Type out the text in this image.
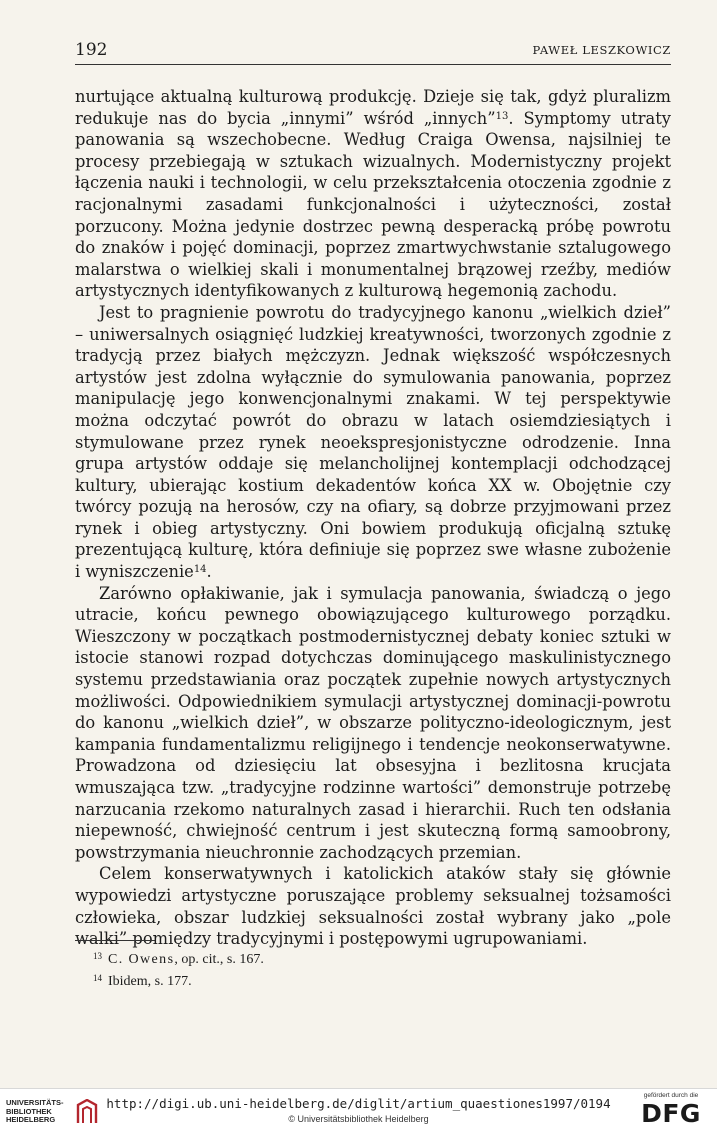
192	PAWEŁ LESZKOWICZ

nurtujące aktualną kulturową produkcję. Dzieje się tak, gdyż pluralizm redukuje nas do bycia „innymi” wśród „innych”$^{13}$. Symptomy utraty panowania są wszechobecne. Według Craiga Owensa, najsilniej te procesy przebiegają w sztukach wizualnych. Modernistyczny projekt łączenia nauki i technologii, w celu przekształcenia otoczenia zgodnie z racjonalnymi zasadami funkcjonalności i użyteczności, został porzucony. Można jedynie dostrzec pewną desperacką próbę powrotu do znaków i pojęć dominacji, poprzez zmartwychwstanie sztalugowego malarstwa o wielkiej skali i monumentalnej brązowej rzeźby, mediów artystycznych identyfikowanych z kulturową hegemonią zachodu.

Jest to pragnienie powrotu do tradycyjnego kanonu „wielkich dzieł” – uniwersalnych osiągnięć ludzkiej kreatywności, tworzonych zgodnie z tradycją przez białych mężczyzn. Jednak większość współczesnych artystów jest zdolna wyłącznie do symulowania panowania, poprzez manipulację jego konwencjonalnymi znakami. W tej perspektywie można odczytać powrót do obrazu w latach osiemdziesiątych i stymulowane przez rynek neoekspresjonistyczne odrodzenie. Inna grupa artystów oddaje się melancholijnej kontemplacji odchodzącej kultury, ubierając kostium dekadentów końca XX w. Obojętnie czy twórcy pozują na herosów, czy na ofiary, są dobrze przyjmowani przez rynek i obieg artystyczny. Oni bowiem produkują oficjalną sztukę prezentującą kulturę, która definiuje się poprzez swe własne zubożenie i wyniszczenie$^{14}$.

Zarówno opłakiwanie, jak i symulacja panowania, świadczą o jego utracie, końcu pewnego obowiązującego kulturowego porządku. Wieszczony w początkach postmodernistycznej debaty koniec sztuki w istocie stanowi rozpad dotychczas dominującego maskulinistycznego systemu przedstawiania oraz początek zupełnie nowych artystycznych możliwości. Odpowiednikiem symulacji artystycznej dominacji-powrotu do kanonu „wielkich dzieł”, w obszarze polityczno-ideologicznym, jest kampania fundamentalizmu religijnego i tendencje neokonserwatywne. Prowadzona od dziesięciu lat obsesyjna i bezlitosna krucjata wmuszająca tzw. „tradycyjne rodzinne wartości” demonstruje potrzebę narzucania rzekomo naturalnych zasad i hierarchii. Ruch ten odsłania niepewność, chwiejność centrum i jest skuteczną formą samoobrony, powstrzymania nieuchronnie zachodzących przemian.

Celem konserwatywnych i katolickich ataków stały się głównie wypowiedzi artystyczne poruszające problemy seksualnej tożsamości człowieka, obszar ludzkiej seksualności został wybrany jako „pole walki” pomiędzy tradycyjnymi i postępowymi ugrupowaniami.

$^{13}$ C. Owens, op. cit., s. 167.
$^{14}$ Ibidem, s. 177.
UNIVERSITÄTS-
BIBLIOTHEK
HEIDELBERG
http://digi.ub.uni-heidelberg.de/diglit/artium_quaestiones1997/0194
© Universitätsbibliothek Heidelberg
gefördert durch die
DFG
